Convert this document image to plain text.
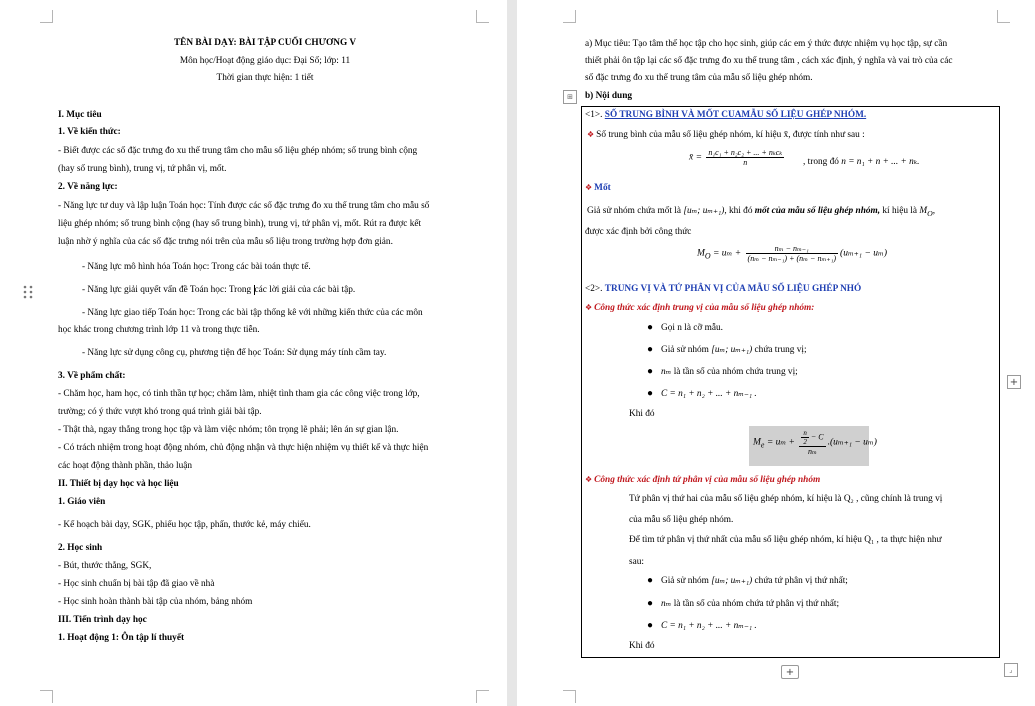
TÊN BÀI DẠY: BÀI TẬP CUỐI CHƯƠNG V
Môn học/Hoạt động giáo dục: Đại Số; lớp: 11
Thời gian thực hiện: 1 tiết
I. Mục tiêu
1. Về kiến thức:
- Biết được các số đặc trưng đo xu thế trung tâm cho mẫu số liệu ghép nhóm; số trung bình cộng
(hay số trung bình), trung vị, tứ phân vị, mốt.
2. Về năng lực:
- Năng lực tư duy và lập luận Toán học: Tính được các số đặc trưng đo xu thế trung tâm cho mẫu số
liệu ghép nhóm; số trung bình cộng (hay số trung bình), trung vị, tứ phân vị, mốt. Rút ra được kết
luận nhờ ý nghĩa của các số đặc trưng nói trên của mẫu số liệu trong trường hợp đơn giản.
- Năng lực mô hình hóa Toán học: Trong các bài toán thực tế.
- Năng lực giải quyết vấn đề Toán học: Trong các lời giải của các bài tập.
- Năng lực giao tiếp Toán học: Trong các bài tập thống kê với những kiến thức của các môn
học khác trong chương trình lớp 11 và trong thực tiễn.
- Năng lực sử dụng công cụ, phương tiện để học Toán: Sử dụng máy tính cầm tay.
3. Về phẩm chất:
- Chăm học, ham học, có tinh thần tự học; chăm làm, nhiệt tình tham gia các công việc trong lớp,
trường; có ý thức vượt khó trong quá trình giải bài tập.
- Thật thà, ngay thẳng trong học tập và làm việc nhóm; tôn trọng lẽ phải; lên án sự gian lận.
- Có trách nhiệm trong hoạt động nhóm, chủ động nhận và thực hiện nhiệm vụ thiết kế và thực hiện
các hoạt động thành phần, thảo luận
II. Thiết bị dạy học và học liệu
1. Giáo viên
- Kế hoạch bài dạy, SGK, phiếu học tập, phấn, thước kẻ, máy chiếu.
2. Học sinh
- Bút, thước thẳng, SGK,
- Học sinh chuẩn bị bài tập đã giao về nhà
- Học sinh hoàn thành bài tập của nhóm, bảng nhóm
III. Tiến trình dạy học
1. Hoạt động 1: Ôn tập lí thuyết
a) Mục tiêu: Tạo tâm thế học tập cho học sinh, giúp các em ý thức được nhiệm vụ học tập, sự cần
thiết phải ôn tập lại các số đặc trưng đo xu thế trung tâm , cách xác định, ý nghĩa và vai trò của các
số đặc trưng đo xu thế trung tâm của mẫu số liệu ghép nhóm.
⊞	b) Nội dung
<1>. SỐ TRUNG BÌNH VÀ MỐT CUAMẪU SỐ LIỆU GHÉP NHÓM.
❖ Số trung bình của mẫu số liệu ghép nhóm, kí hiệu x̄, được tính như sau :
x̄ = $\frac{\text{n₁c₁ + n₂c₂ + ... + nₖcₖ}}{n}$ , trong đó n = n₁ + n + ... + nₖ.
❖ Mốt
Giả sử nhóm chứa mốt là [uₘ; uₘ₊₁), khi đó mốt của mẫu số liệu ghép nhóm, kí hiệu là $M_O$,
được xác định bởi công thức
$M_O = u_m + \frac{\text{nₘ − nₘ₋₁}}{\text{(nₘ − nₘ₋₁) + (nₘ − nₘ₊₁)}} (u_{m+1} - u_m)$
<2>. TRUNG VỊ VÀ TỨ PHÂN VỊ CỦA MẪU SỐ LIỆU GHÉP NHÓ
❖ Công thức xác định trung vị của mẫu số liệu ghép nhóm:
● Gọi n là cỡ mẫu.
● Giả sử nhóm [uₘ; uₘ₊₁) chứa trung vị;
● nₘ là tần số của nhóm chứa trung vị;
● C = n₁ + n₂ + ... + nₘ₋₁ .
Khi đó
$M_e = u_m + \frac{\frac{n}{2} - C}{\text{nₘ}} .(u_{m+1} - u_m)$
❖ Công thức xác định tứ phân vị của mẫu số liệu ghép nhóm
Tứ phân vị thứ hai của mẫu số liệu ghép nhóm, kí hiệu là Q₂ , cũng chính là trung vị
của mẫu số liệu ghép nhóm.
Để tìm tứ phân vị thứ nhất của mẫu số liệu ghép nhóm, kí hiệu Q₁ , ta thực hiện như
sau:
● Giả sử nhóm [uₘ; uₘ₊₁) chứa tứ phân vị thứ nhất;
● nₘ là tần số của nhóm chứa tứ phân vị thứ nhất;
● C = n₁ + n₂ + ... + nₘ₋₁ .
Khi đó
+
+
⌟
